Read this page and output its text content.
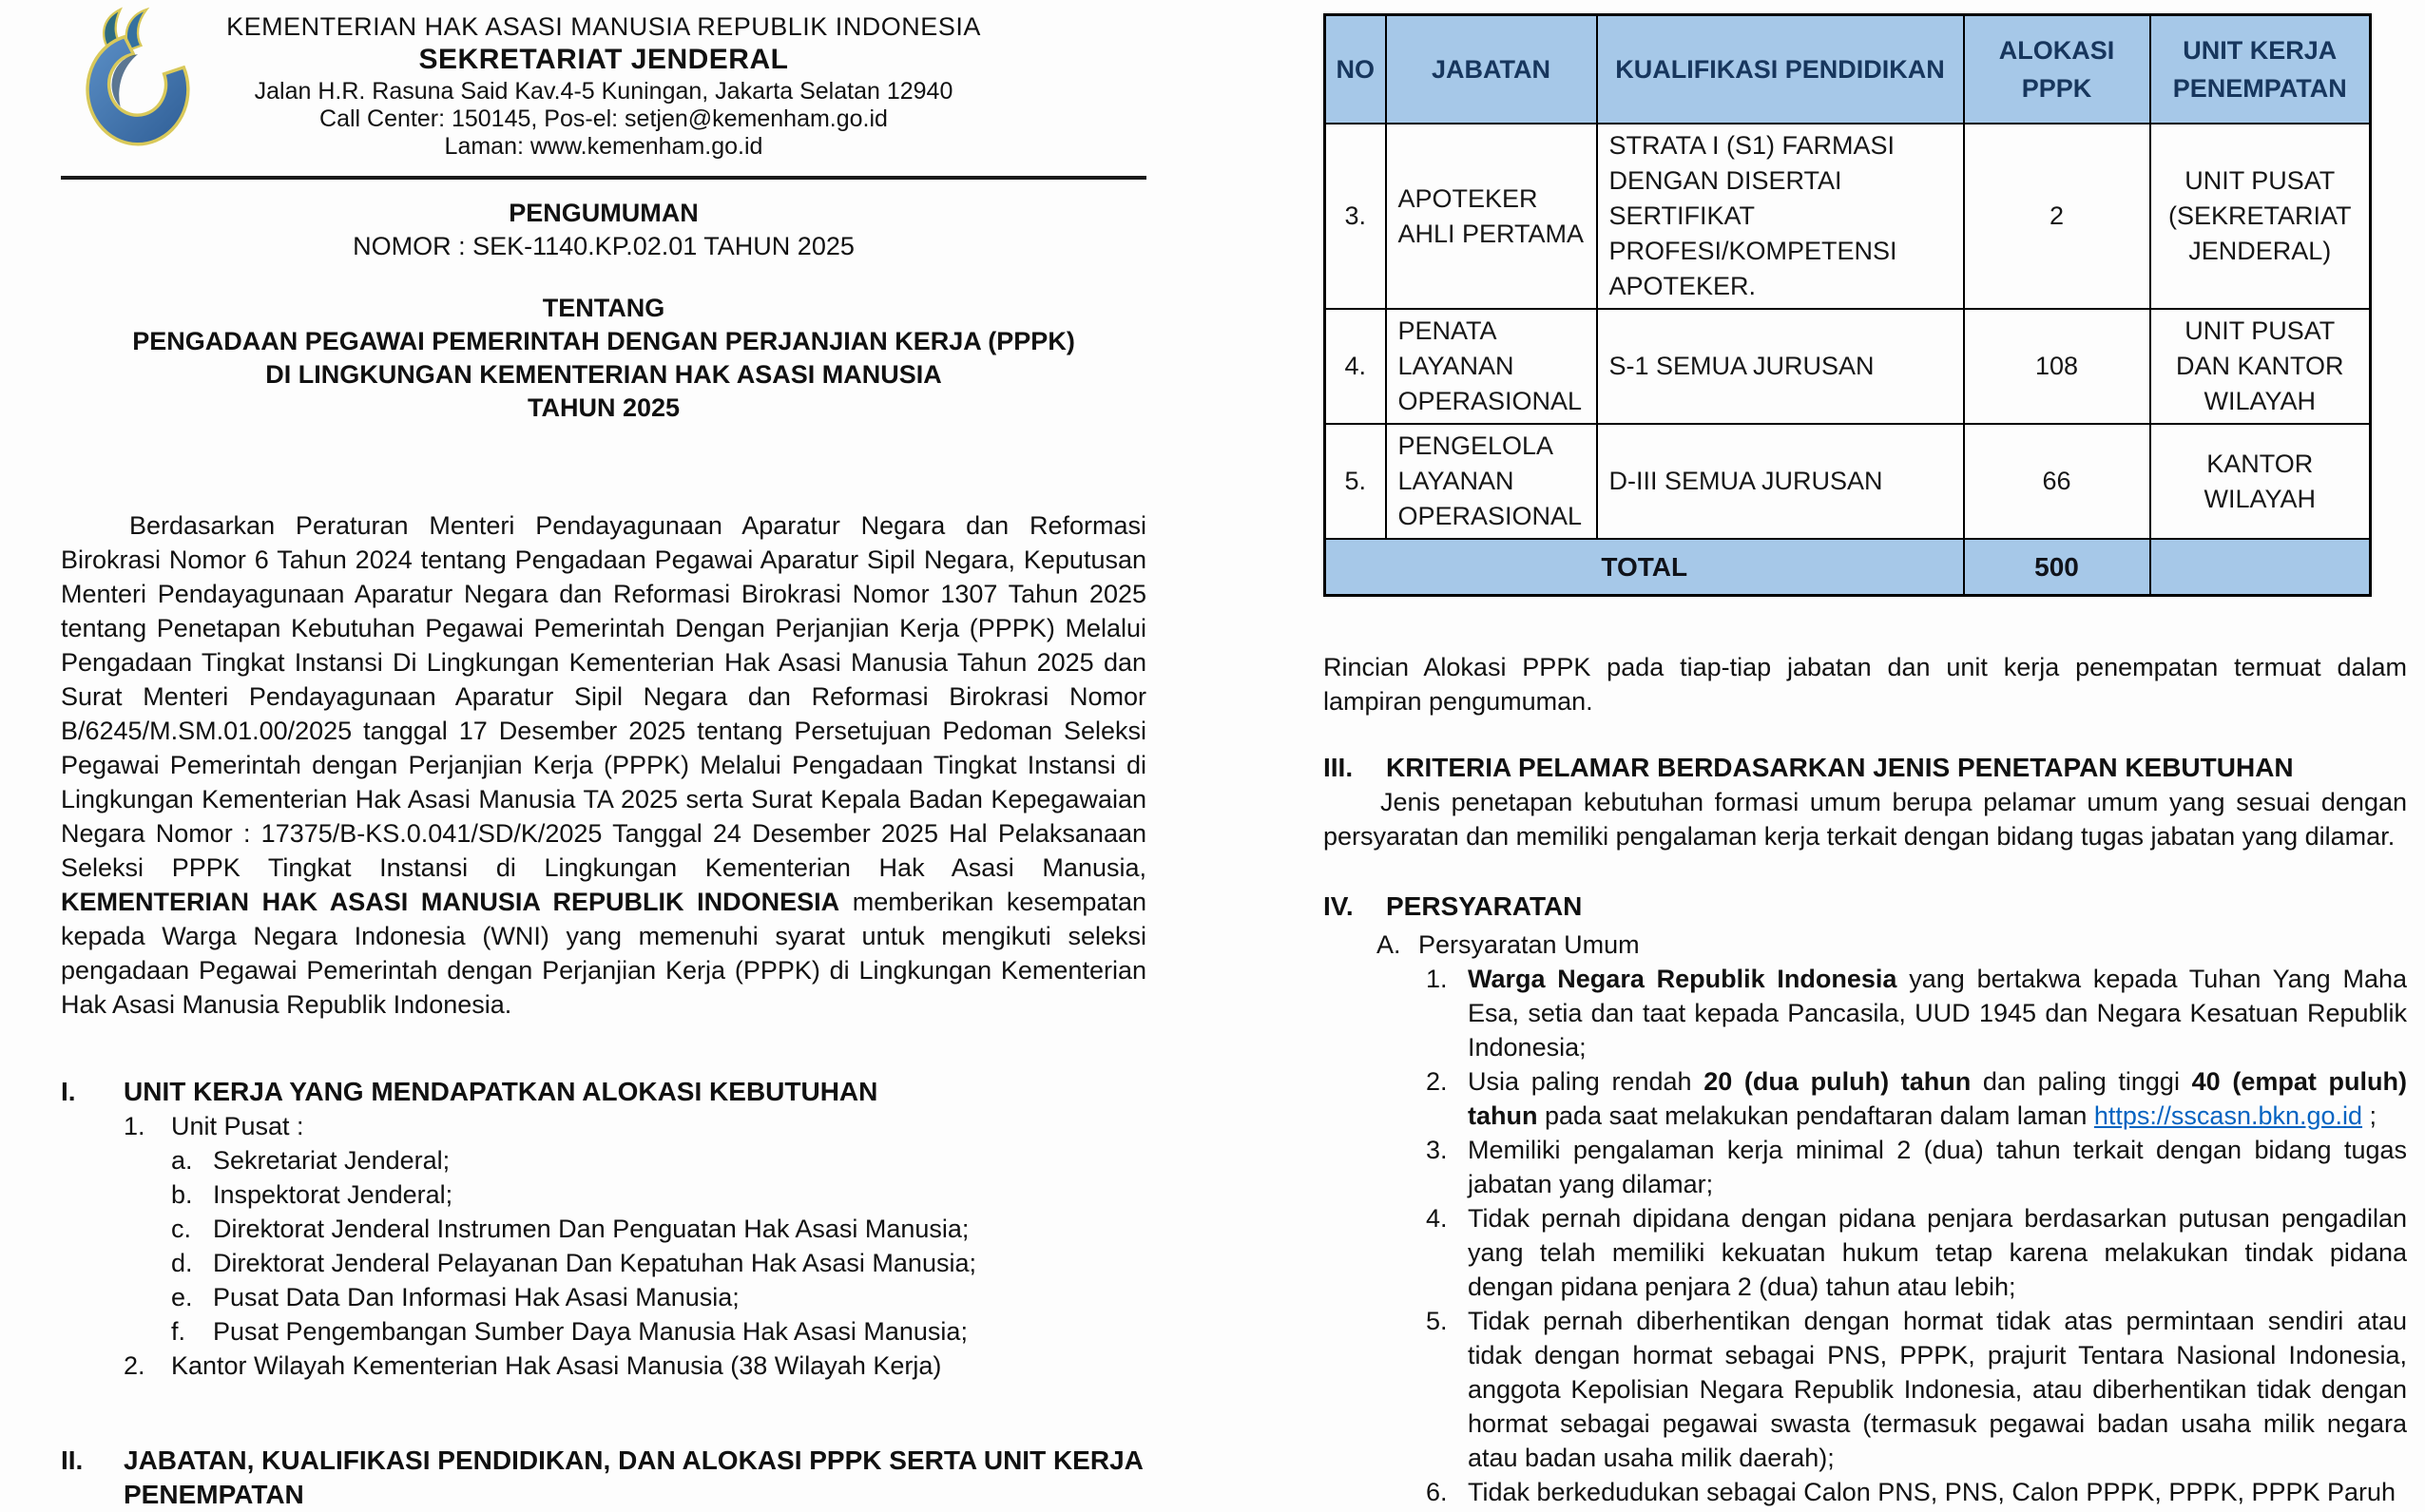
KEMENTERIAN HAK ASASI MANUSIA REPUBLIK INDONESIA
SEKRETARIAT JENDERAL
Jalan H.R. Rasuna Said Kav.4-5 Kuningan, Jakarta Selatan 12940
Call Center: 150145, Pos-el: setjen@kemenham.go.id
Laman: www.kemenham.go.id
PENGUMUMAN
NOMOR : SEK-1140.KP.02.01 TAHUN 2025
TENTANG
PENGADAAN PEGAWAI PEMERINTAH DENGAN PERJANJIAN KERJA (PPPK)
DI LINGKUNGAN KEMENTERIAN HAK ASASI MANUSIA
TAHUN 2025

Berdasarkan Peraturan Menteri Pendayagunaan Aparatur Negara dan Reformasi Birokrasi Nomor 6 Tahun 2024 tentang Pengadaan Pegawai Aparatur Sipil Negara, Keputusan Menteri Pendayagunaan Aparatur Negara dan Reformasi Birokrasi Nomor 1307 Tahun 2025 tentang Penetapan Kebutuhan Pegawai Pemerintah Dengan Perjanjian Kerja (PPPK) Melalui Pengadaan Tingkat Instansi Di Lingkungan Kementerian Hak Asasi Manusia Tahun 2025 dan Surat Menteri Pendayagunaan Aparatur Sipil Negara dan Reformasi Birokrasi Nomor B/6245/M.SM.01.00/2025 tanggal 17 Desember 2025 tentang Persetujuan Pedoman Seleksi Pegawai Pemerintah dengan Perjanjian Kerja (PPPK) Melalui Pengadaan Tingkat Instansi di Lingkungan Kementerian Hak Asasi Manusia TA 2025 serta Surat Kepala Badan Kepegawaian Negara Nomor : 17375/B-KS.0.041/SD/K/2025 Tanggal 24 Desember 2025 Hal Pelaksanaan Seleksi PPPK Tingkat Instansi di Lingkungan Kementerian Hak Asasi Manusia, KEMENTERIAN HAK ASASI MANUSIA REPUBLIK INDONESIA memberikan kesempatan kepada Warga Negara Indonesia (WNI) yang memenuhi syarat untuk mengikuti seleksi pengadaan Pegawai Pemerintah dengan Perjanjian Kerja (PPPK) di Lingkungan Kementerian Hak Asasi Manusia Republik Indonesia.

I.	UNIT KERJA YANG MENDAPATKAN ALOKASI KEBUTUHAN
1.	Unit Pusat :
a. Sekretariat Jenderal;
b. Inspektorat Jenderal;
c. Direktorat Jenderal Instrumen Dan Penguatan Hak Asasi Manusia;
d. Direktorat Jenderal Pelayanan Dan Kepatuhan Hak Asasi Manusia;
e. Pusat Data Dan Informasi Hak Asasi Manusia;
f.	Pusat Pengembangan Sumber Daya Manusia Hak Asasi Manusia;
2.	Kantor Wilayah Kementerian Hak Asasi Manusia (38 Wilayah Kerja)
II.	JABATAN, KUALIFIKASI PENDIDIKAN, DAN ALOKASI PPPK SERTA UNIT KERJA
PENEMPATAN
NO	JABATAN	KUALIFIKASI PENDIDIKAN	ALOKASI PPPK	UNIT KERJA PENEMPATAN
3.	APOTEKER AHLI PERTAMA	STRATA I (S1) FARMASI DENGAN DISERTAI SERTIFIKAT PROFESI/KOMPETENSI APOTEKER.	2	UNIT PUSAT (SEKRETARIAT JENDERAL)
4.	PENATA LAYANAN OPERASIONAL	S-1 SEMUA JURUSAN	108	UNIT PUSAT DAN KANTOR WILAYAH
5.	PENGELOLA LAYANAN OPERASIONAL	D-III SEMUA JURUSAN	66	KANTOR WILAYAH
TOTAL			500	

Rincian Alokasi PPPK pada tiap-tiap jabatan dan unit kerja penempatan termuat dalam lampiran pengumuman.

III.	KRITERIA PELAMAR BERDASARKAN JENIS PENETAPAN KEBUTUHAN

Jenis penetapan kebutuhan formasi umum berupa pelamar umum yang sesuai dengan persyaratan dan memiliki pengalaman kerja terkait dengan bidang tugas jabatan yang dilamar.

IV.	PERSYARATAN
A. Persyaratan Umum
1. Warga Negara Republik Indonesia yang bertakwa kepada Tuhan Yang Maha Esa, setia dan taat kepada Pancasila, UUD 1945 dan Negara Kesatuan Republik Indonesia;
2. Usia paling rendah 20 (dua puluh) tahun dan paling tinggi 40 (empat puluh) tahun pada saat melakukan pendaftaran dalam laman https://sscasn.bkn.go.id ;
3. Memiliki pengalaman kerja minimal 2 (dua) tahun terkait dengan bidang tugas jabatan yang dilamar;
4. Tidak pernah dipidana dengan pidana penjara berdasarkan putusan pengadilan yang telah memiliki kekuatan hukum tetap karena melakukan tindak pidana dengan pidana penjara 2 (dua) tahun atau lebih;
5. Tidak pernah diberhentikan dengan hormat tidak atas permintaan sendiri atau tidak dengan hormat sebagai PNS, PPPK, prajurit Tentara Nasional Indonesia, anggota Kepolisian Negara Republik Indonesia, atau diberhentikan tidak dengan hormat sebagai pegawai swasta (termasuk pegawai badan usaha milik negara atau badan usaha milik daerah);
6. Tidak berkedudukan sebagai Calon PNS, PNS, Calon PPPK, PPPK, PPPK Paruh
